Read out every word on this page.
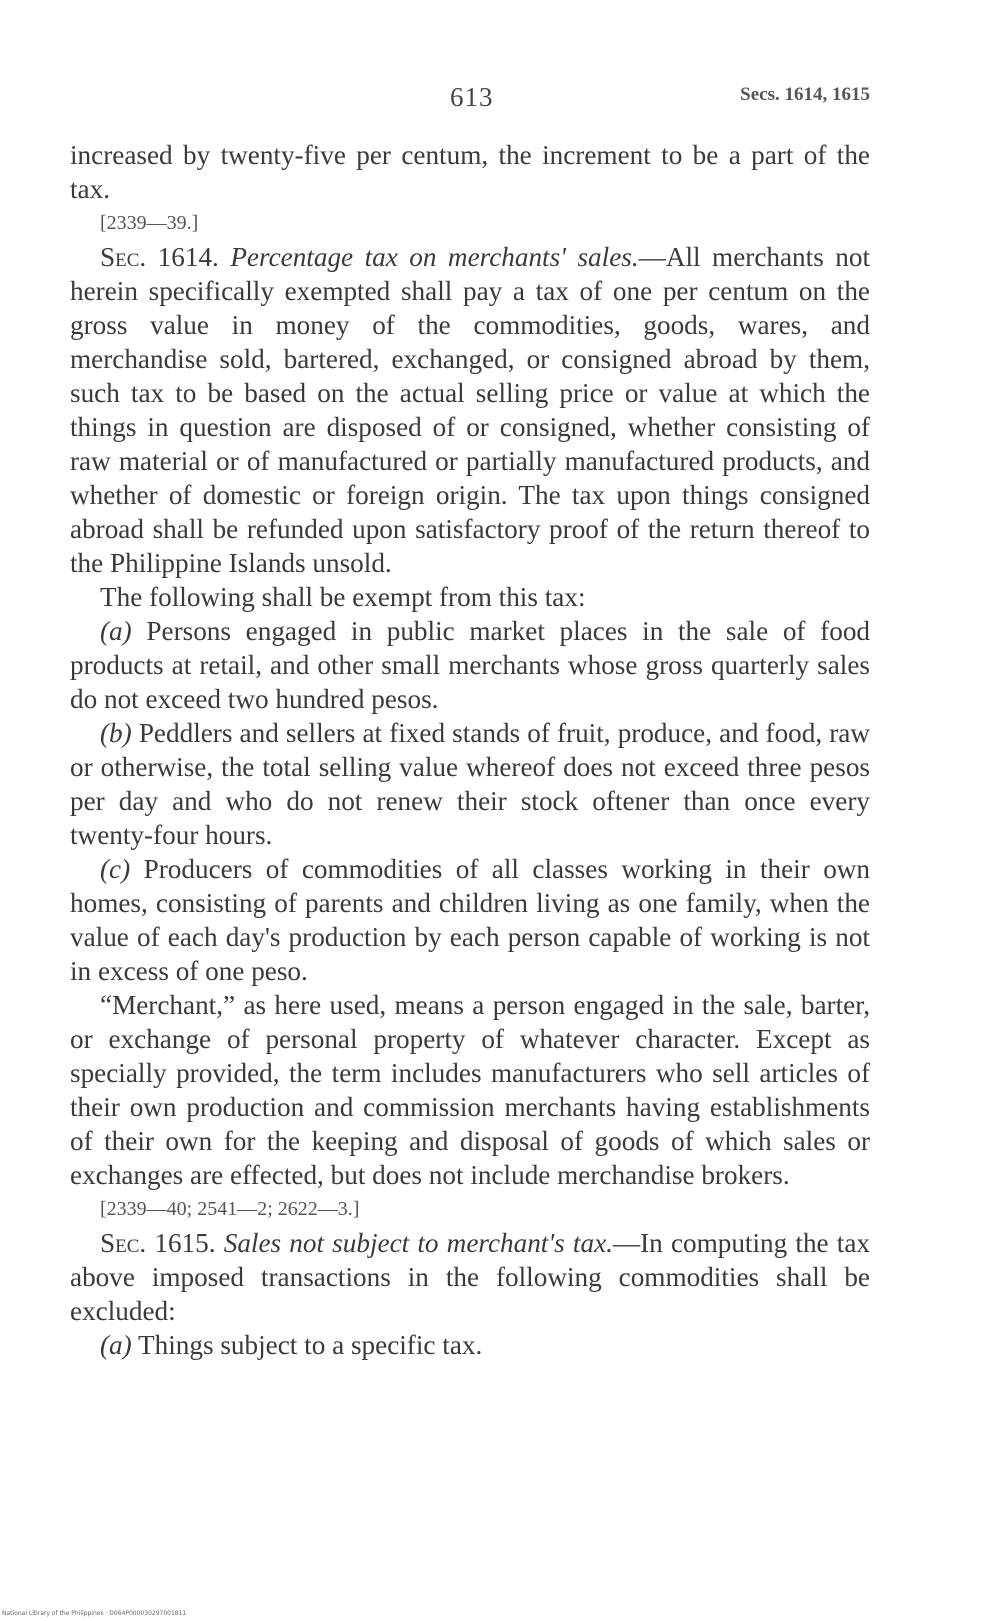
613	Secs. 1614, 1615

increased by twenty-five per centum, the increment to be a part of the tax.

[2339—39.]

Sec. 1614. Percentage tax on merchants' sales.—All merchants not herein specifically exempted shall pay a tax of one per centum on the gross value in money of the commodities, goods, wares, and merchandise sold, bartered, exchanged, or consigned abroad by them, such tax to be based on the actual selling price or value at which the things in question are disposed of or consigned, whether consisting of raw material or of manufactured or partially manufactured products, and whether of domestic or foreign origin. The tax upon things consigned abroad shall be refunded upon satisfactory proof of the return thereof to the Philippine Islands unsold.

The following shall be exempt from this tax:

(a) Persons engaged in public market places in the sale of food products at retail, and other small merchants whose gross quarterly sales do not exceed two hundred pesos.

(b) Peddlers and sellers at fixed stands of fruit, produce, and food, raw or otherwise, the total selling value whereof does not exceed three pesos per day and who do not renew their stock oftener than once every twenty-four hours.

(c) Producers of commodities of all classes working in their own homes, consisting of parents and children living as one family, when the value of each day's production by each person capable of working is not in excess of one peso.

“Merchant,” as here used, means a person engaged in the sale, barter, or exchange of personal property of whatever character. Except as specially provided, the term includes manufacturers who sell articles of their own production and commission merchants having establishments of their own for the keeping and disposal of goods of which sales or exchanges are effected, but does not include merchandise brokers.

[2339—40; 2541—2; 2622—3.]

Sec. 1615. Sales not subject to merchant's tax.—In computing the tax above imposed transactions in the following commodities shall be excluded:

(a) Things subject to a specific tax.

National Library of the Philippines · D064P000030297001811
